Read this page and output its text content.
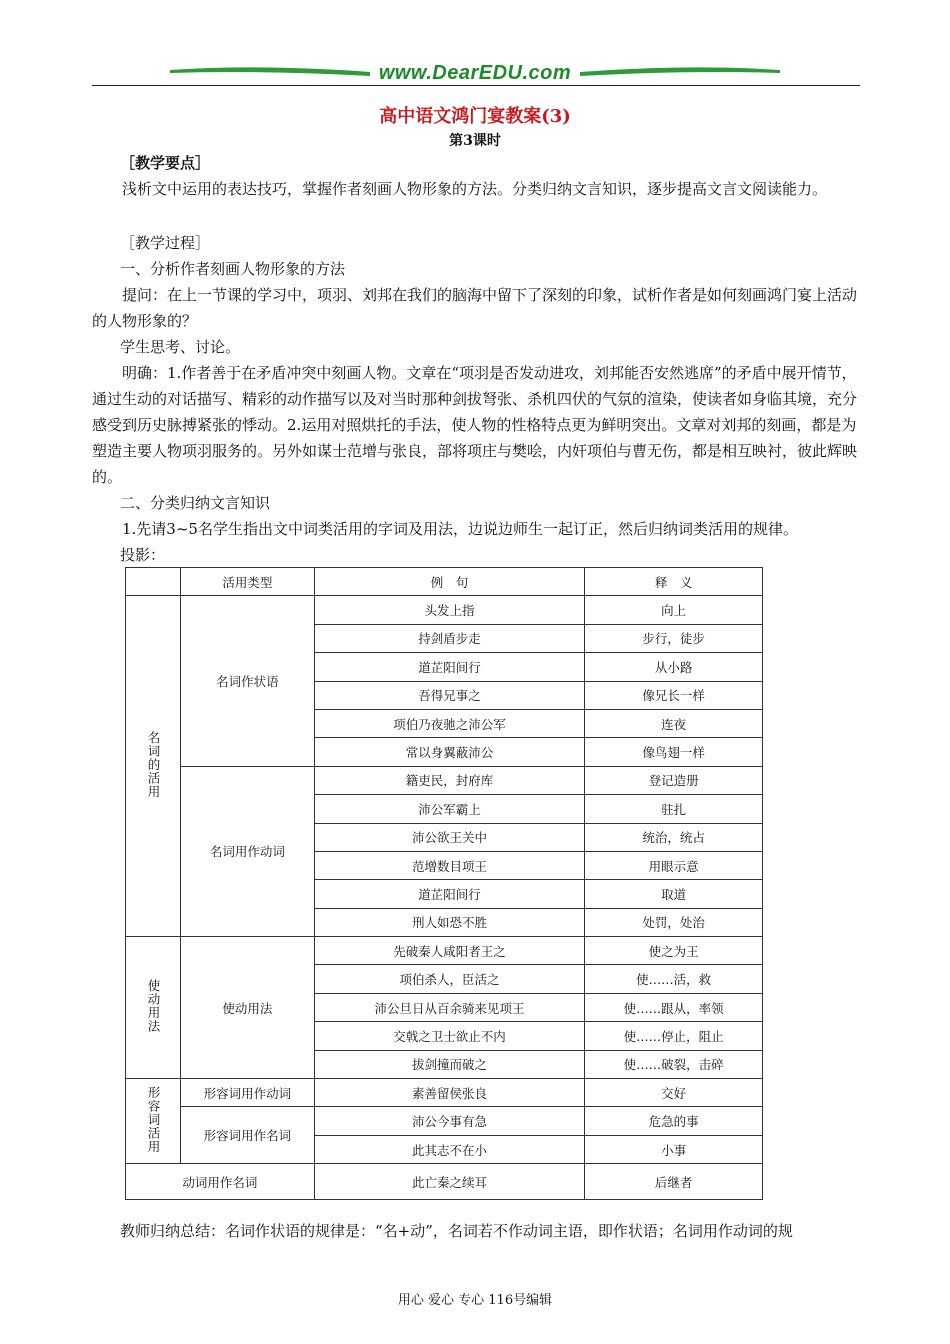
www.DearEDU.com
高中语文鸿门宴教案(3)
第3课时

［教学要点］

浅析文中运用的表达技巧，掌握作者刻画人物形象的方法。分类归纳文言知识，逐步提高文言文阅读能力。

［教学过程］

一、分析作者刻画人物形象的方法

提问：在上一节课的学习中，项羽、刘邦在我们的脑海中留下了深刻的印象，试析作者是如何刻画鸿门宴上活动的人物形象的？

学生思考、讨论。

明确：1.作者善于在矛盾冲突中刻画人物。文章在“项羽是否发动进攻，刘邦能否安然逃席”的矛盾中展开情节，通过生动的对话描写、精彩的动作描写以及对当时那种剑拔弩张、杀机四伏的气氛的渲染，使读者如身临其境，充分感受到历史脉搏紧张的悸动。2.运用对照烘托的手法，使人物的性格特点更为鲜明突出。文章对刘邦的刻画，都是为塑造主要人物项羽服务的。另外如谋士范增与张良，部将项庄与樊哙，内奸项伯与曹无伤，都是相互映衬，彼此辉映的。

二、分类归纳文言知识

1.先请3~5名学生指出文中词类活用的字词及用法，边说边师生一起订正，然后归纳词类活用的规律。

投影：

	活用类型	例　句	释　义
名词的活用	名词作状语	头发上指	向上
		持剑盾步走	步行，徒步
		道芷阳间行	从小路
		吾得兄事之	像兄长一样
		项伯乃夜驰之沛公军	连夜
		常以身翼蔽沛公	像鸟翅一样
	名词用作动词	籍吏民，封府库	登记造册
		沛公军霸上	驻扎
		沛公欲王关中	统治，统占
		范增数目项王	用眼示意
		道芷阳间行	取道
		刑人如恐不胜	处罚，处治
使动用法	使动用法	先破秦人咸阳者王之	使之为王
		项伯杀人，臣活之	使……活，救
		沛公旦日从百余骑来见项王	使……跟从，率领
		交戟之卫士欲止不内	使……停止，阻止
		拔剑撞而破之	使……破裂，击碎
形容词活用	形容词用作动词	素善留侯张良	交好
	形容词用作名词	沛公今事有急	危急的事
		此其志不在小	小事
动词用作名词		此亡秦之续耳	后继者

教师归纳总结：名词作状语的规律是：“名+动”，名词若不作动词主语，即作状语；名词用作动词的规

用心 爱心 专心 116号编辑
